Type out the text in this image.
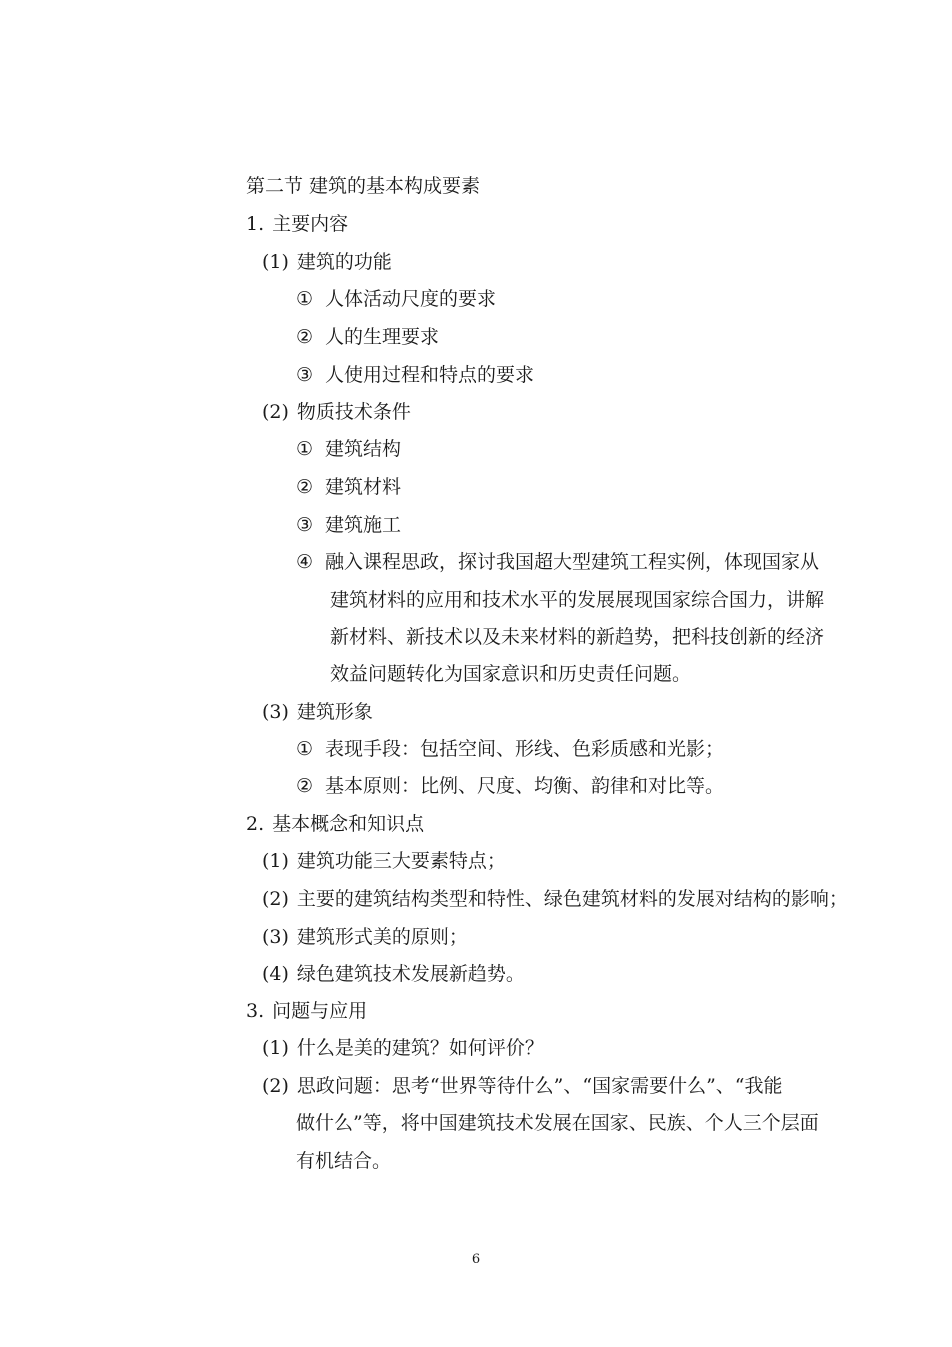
第二节 建筑的基本构成要素
1. 主要内容
(1) 建筑的功能
① 人体活动尺度的要求
② 人的生理要求
③ 人使用过程和特点的要求
(2) 物质技术条件
① 建筑结构
② 建筑材料
③ 建筑施工
④ 融入课程思政，探讨我国超大型建筑工程实例，体现国家从
建筑材料的应用和技术水平的发展展现国家综合国力，讲解
新材料、新技术以及未来材料的新趋势，把科技创新的经济
效益问题转化为国家意识和历史责任问题。
(3) 建筑形象
① 表现手段：包括空间、形线、色彩质感和光影；
② 基本原则：比例、尺度、均衡、韵律和对比等。
2. 基本概念和知识点
(1) 建筑功能三大要素特点；
(2) 主要的建筑结构类型和特性、绿色建筑材料的发展对结构的影响；
(3) 建筑形式美的原则；
(4) 绿色建筑技术发展新趋势。
3. 问题与应用
(1) 什么是美的建筑？如何评价？
(2) 思政问题：思考“世界等待什么”、“国家需要什么”、“我能
做什么”等，将中国建筑技术发展在国家、民族、个人三个层面
有机结合。
6
